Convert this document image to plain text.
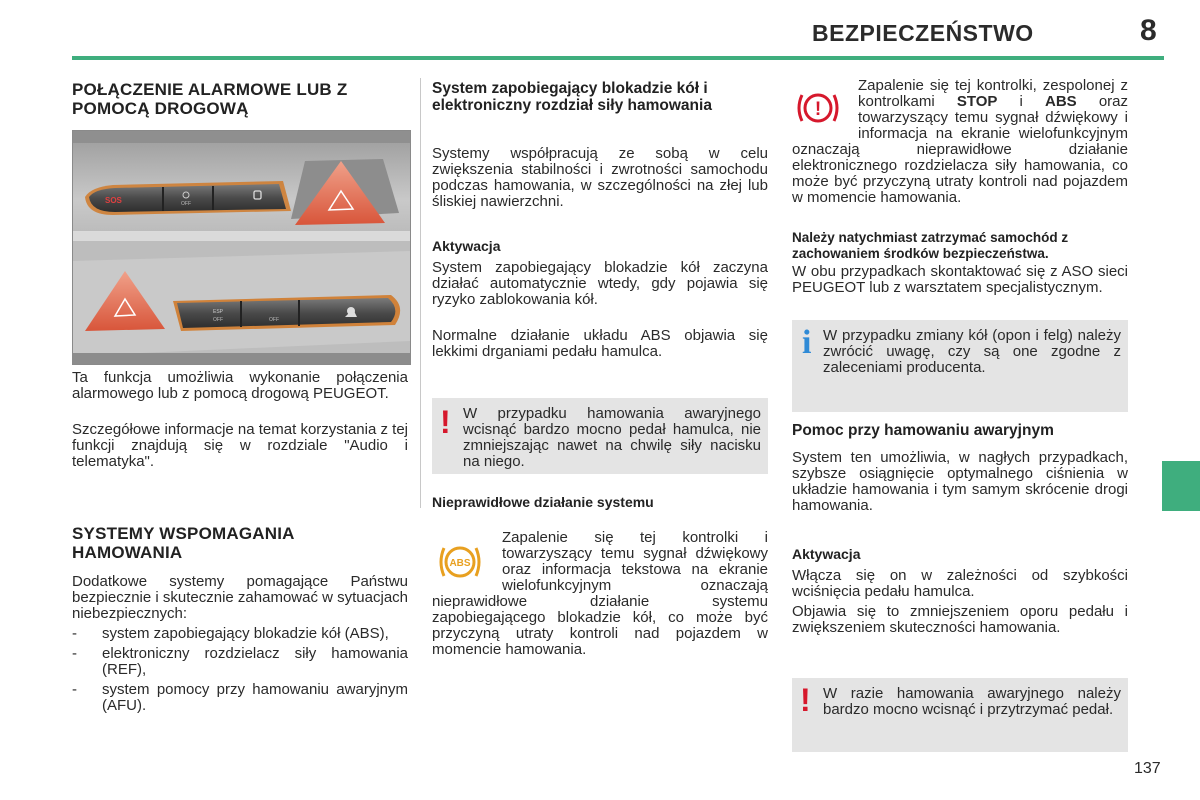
BEZPIECZEŃSTWO	8
POŁĄCZENIE ALARMOWE LUB Z POMOCĄ DROGOWĄ
SOS	OFF
ESP
OFF	OFF

Ta funkcja umożliwia wykonanie połączenia alarmowego lub z pomocą drogową PEUGEOT.

Szczegółowe informacje na temat korzystania z tej funkcji znajdują się w rozdziale "Audio i telematyka".

SYSTEMY WSPOMAGANIA HAMOWANIA

Dodatkowe systemy pomagające Państwu bezpiecznie i skutecznie zahamować w sytuacjach niebezpiecznych:

- system zapobiegający blokadzie kół (ABS),
- elektroniczny rozdzielacz siły hamowania (REF),
- system pomocy przy hamowaniu awaryjnym (AFU).
System zapobiegający blokadzie kół i elektroniczny rozdział siły hamowania

Systemy współpracują ze sobą w celu zwiększenia stabilności i zwrotności samochodu podczas hamowania, w szczególności na złej lub śliskiej nawierzchni.

Aktywacja

System zapobiegający blokadzie kół zaczyna działać automatycznie wtedy, gdy pojawia się ryzyko zablokowania kół.

Normalne działanie układu ABS objawia się lekkimi drganiami pedału hamulca.

! W przypadku hamowania awaryjnego wcisnąć bardzo mocno pedał hamulca, nie zmniejszając nawet na chwilę siły nacisku na niego.

Nieprawidłowe działanie systemu
ABS

Zapalenie się tej kontrolki i towarzyszący temu sygnał dźwiękowy oraz informacja tekstowa na ekranie wielofunkcyjnym oznaczają nieprawidłowe działanie systemu zapobiegającego blokadzie kół, co może być przyczyną utraty kontroli nad pojazdem w momencie hamowania.

!

Zapalenie się tej kontrolki, zespolonej z kontrolkami STOP i ABS oraz towarzyszący temu sygnał dźwiękowy i informacja na ekranie wielofunkcyjnym oznaczają nieprawidłowe działanie elektronicznego rozdzielacza siły hamowania, co może być przyczyną utraty kontroli nad pojazdem w momencie hamowania.

Należy natychmiast zatrzymać samochód z zachowaniem środków bezpieczeństwa.

W obu przypadkach skontaktować się z ASO sieci PEUGEOT lub z warsztatem specjalistycznym.

i W przypadku zmiany kół (opon i felg) należy zwrócić uwagę, czy są one zgodne z zaleceniami producenta.

Pomoc przy hamowaniu awaryjnym

System ten umożliwia, w nagłych przypadkach, szybsze osiągnięcie optymalnego ciśnienia w układzie hamowania i tym samym skrócenie drogi hamowania.

Aktywacja

Włącza się on w zależności od szybkości wciśnięcia pedału hamulca.

Objawia się to zmniejszeniem oporu pedału i zwiększeniem skuteczności hamowania.

! W razie hamowania awaryjnego należy bardzo mocno wcisnąć i przytrzymać pedał.

137
